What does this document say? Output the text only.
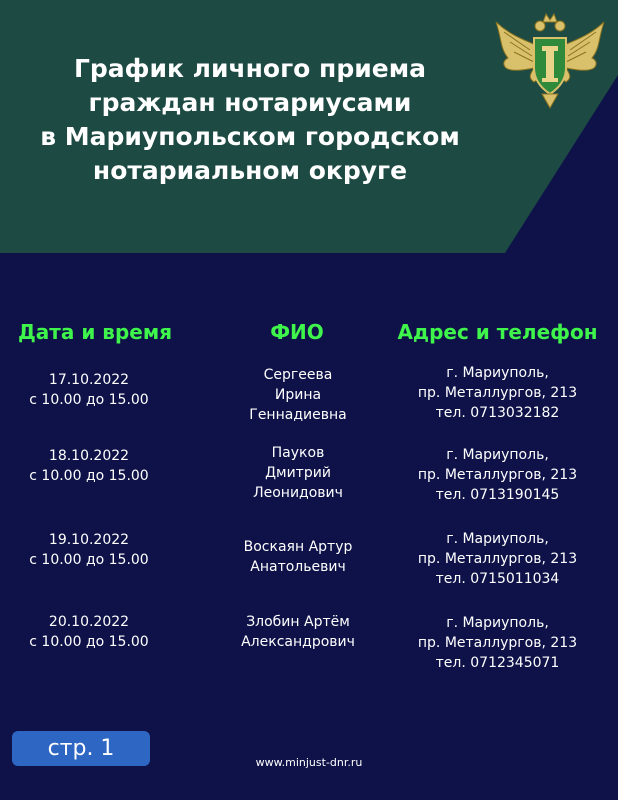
График личного приема
граждан нотариусами
в Мариупольском городском
нотариальном округе
Дата и время	ФИО	Адрес и телефон
17.10.2022
с 10.00 до 15.00
Сергеева
Ирина
Геннадиевна
г. Мариуполь,
пр. Металлургов, 213
тел. 0713032182
18.10.2022
с 10.00 до 15.00
Пауков
Дмитрий
Леонидович
г. Мариуполь,
пр. Металлургов, 213
тел. 0713190145
19.10.2022
с 10.00 до 15.00
Воскаян Артур
Анатольевич
г. Мариуполь,
пр. Металлургов, 213
тел. 0715011034
20.10.2022
с 10.00 до 15.00
Злобин Артём
Александрович
г. Мариуполь,
пр. Металлургов, 213
тел. 0712345071
стр. 1
www.minjust-dnr.ru
